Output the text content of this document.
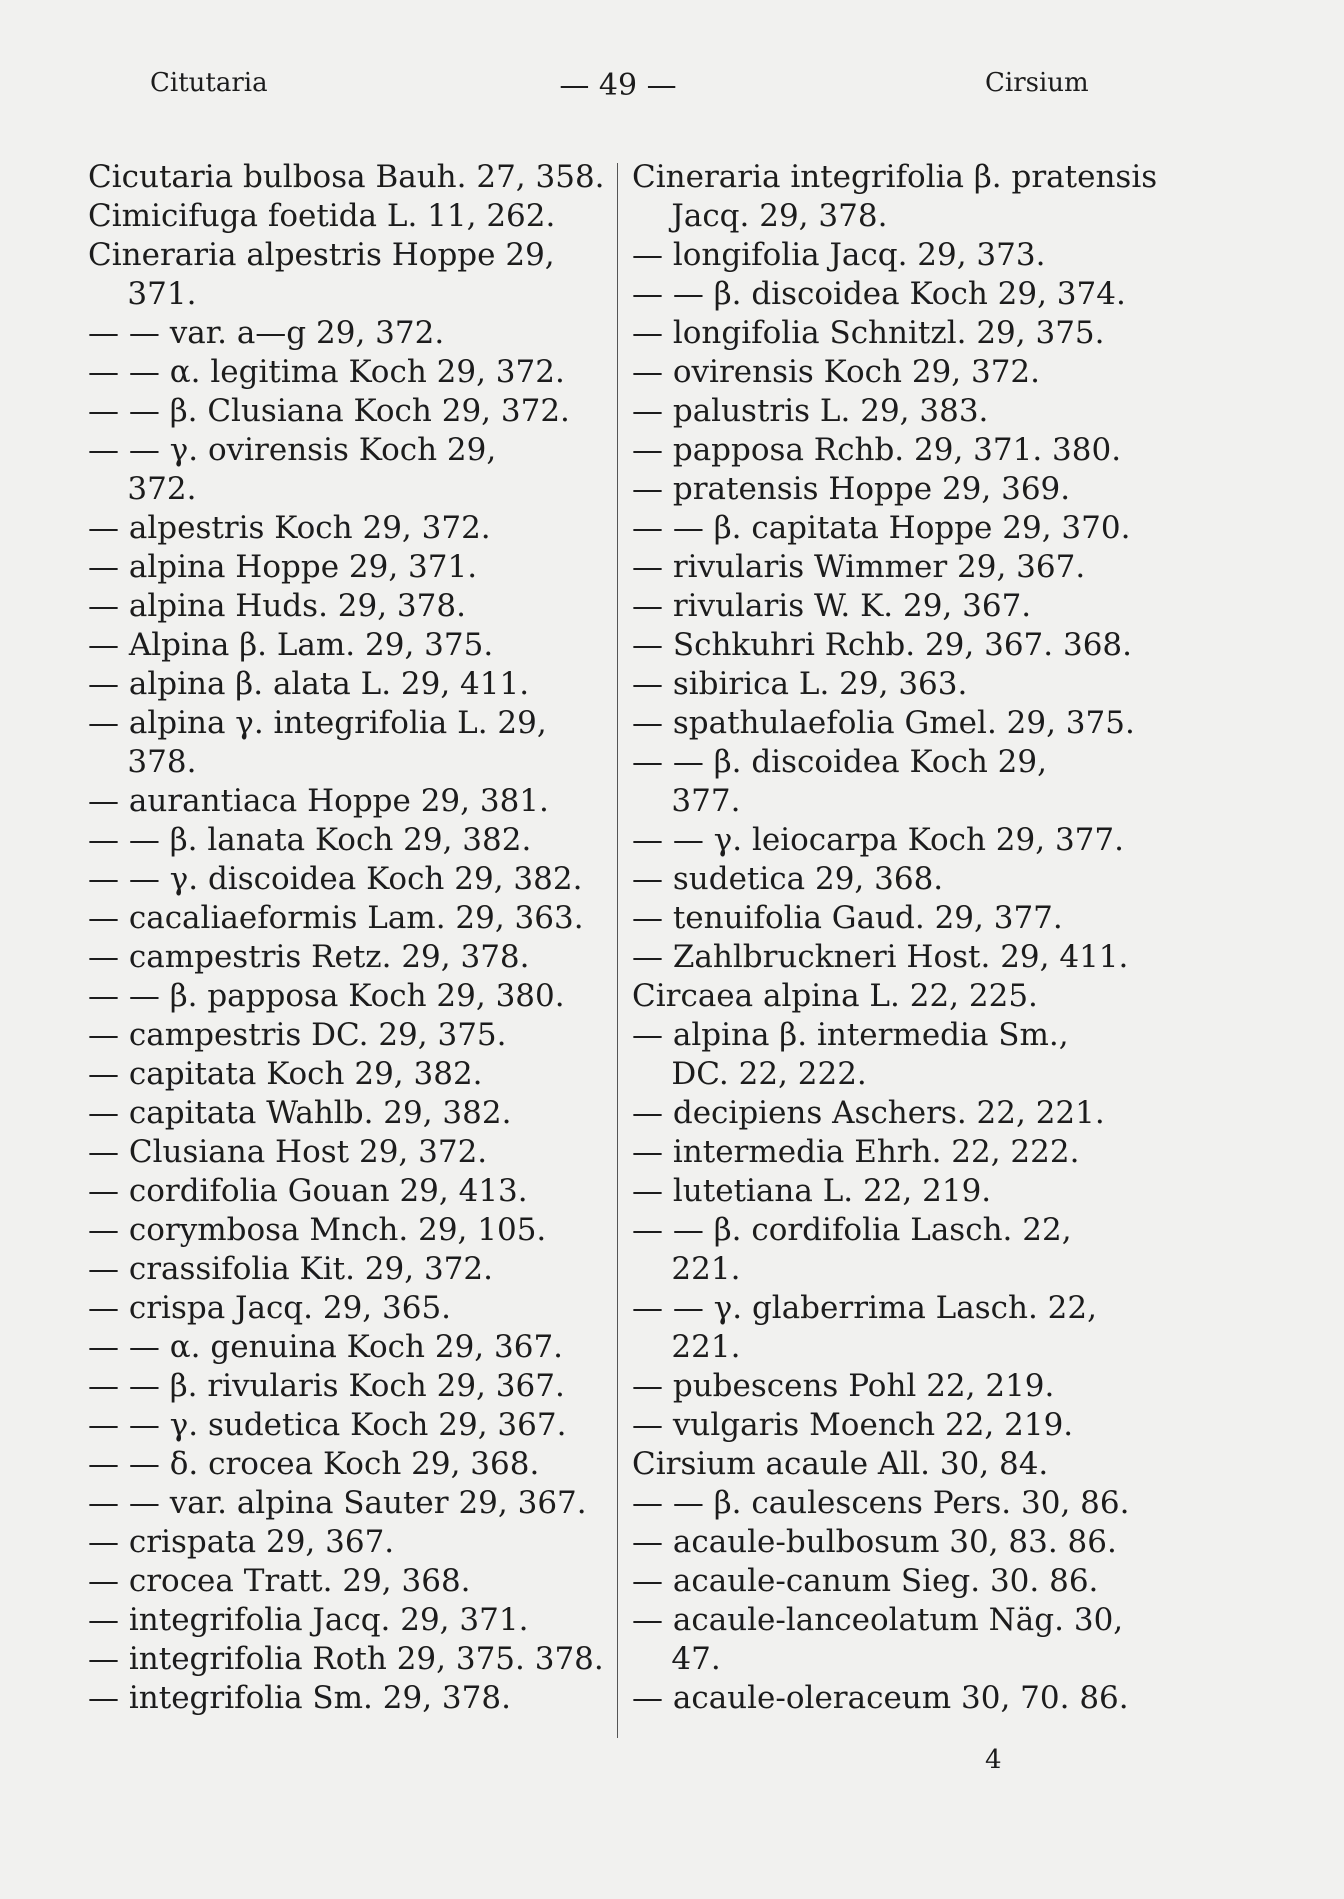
Citutaria	— 49 —	Cirsium
Cicutaria bulbosa Bauh. 27, 358.
Cimicifuga foetida L. 11, 262.
Cineraria alpestris Hoppe 29,
371.
— — var. a—g 29, 372.
— — α. legitima Koch 29, 372.
— — β. Clusiana Koch 29, 372.
— — γ. ovirensis Koch 29,
372.
— alpestris Koch 29, 372.
— alpina Hoppe 29, 371.
— alpina Huds. 29, 378.
— Alpina β. Lam. 29, 375.
— alpina β. alata L. 29, 411.
— alpina γ. integrifolia L. 29,
378.
— aurantiaca Hoppe 29, 381.
— — β. lanata Koch 29, 382.
— — γ. discoidea Koch 29, 382.
— cacaliaeformis Lam. 29, 363.
— campestris Retz. 29, 378.
— — β. papposa Koch 29, 380.
— campestris DC. 29, 375.
— capitata Koch 29, 382.
— capitata Wahlb. 29, 382.
— Clusiana Host 29, 372.
— cordifolia Gouan 29, 413.
— corymbosa Mnch. 29, 105.
— crassifolia Kit. 29, 372.
— crispa Jacq. 29, 365.
— — α. genuina Koch 29, 367.
— — β. rivularis Koch 29, 367.
— — γ. sudetica Koch 29, 367.
— — δ. crocea Koch 29, 368.
— — var. alpina Sauter 29, 367.
— crispata 29, 367.
— crocea Tratt. 29, 368.
— integrifolia Jacq. 29, 371.
— integrifolia Roth 29, 375. 378.
— integrifolia Sm. 29, 378.
Cineraria integrifolia β. pratensis
Jacq. 29, 378.
— longifolia Jacq. 29, 373.
— — β. discoidea Koch 29, 374.
— longifolia Schnitzl. 29, 375.
— ovirensis Koch 29, 372.
— palustris L. 29, 383.
— papposa Rchb. 29, 371. 380.
— pratensis Hoppe 29, 369.
— — β. capitata Hoppe 29, 370.
— rivularis Wimmer 29, 367.
— rivularis W. K. 29, 367.
— Schkuhri Rchb. 29, 367. 368.
— sibirica L. 29, 363.
— spathulaefolia Gmel. 29, 375.
— — β. discoidea Koch 29,
377.
— — γ. leiocarpa Koch 29, 377.
— sudetica 29, 368.
— tenuifolia Gaud. 29, 377.
— Zahlbruckneri Host. 29, 411.
Circaea alpina L. 22, 225.
— alpina β. intermedia Sm.,
DC. 22, 222.
— decipiens Aschers. 22, 221.
— intermedia Ehrh. 22, 222.
— lutetiana L. 22, 219.
— — β. cordifolia Lasch. 22,
221.
— — γ. glaberrima Lasch. 22,
221.
— pubescens Pohl 22, 219.
— vulgaris Moench 22, 219.
Cirsium acaule All. 30, 84.
— — β. caulescens Pers. 30, 86.
— acaule-bulbosum 30, 83. 86.
— acaule-canum Sieg. 30. 86.
— acaule-lanceolatum Näg. 30,
47.
— acaule-oleraceum 30, 70. 86.
4
